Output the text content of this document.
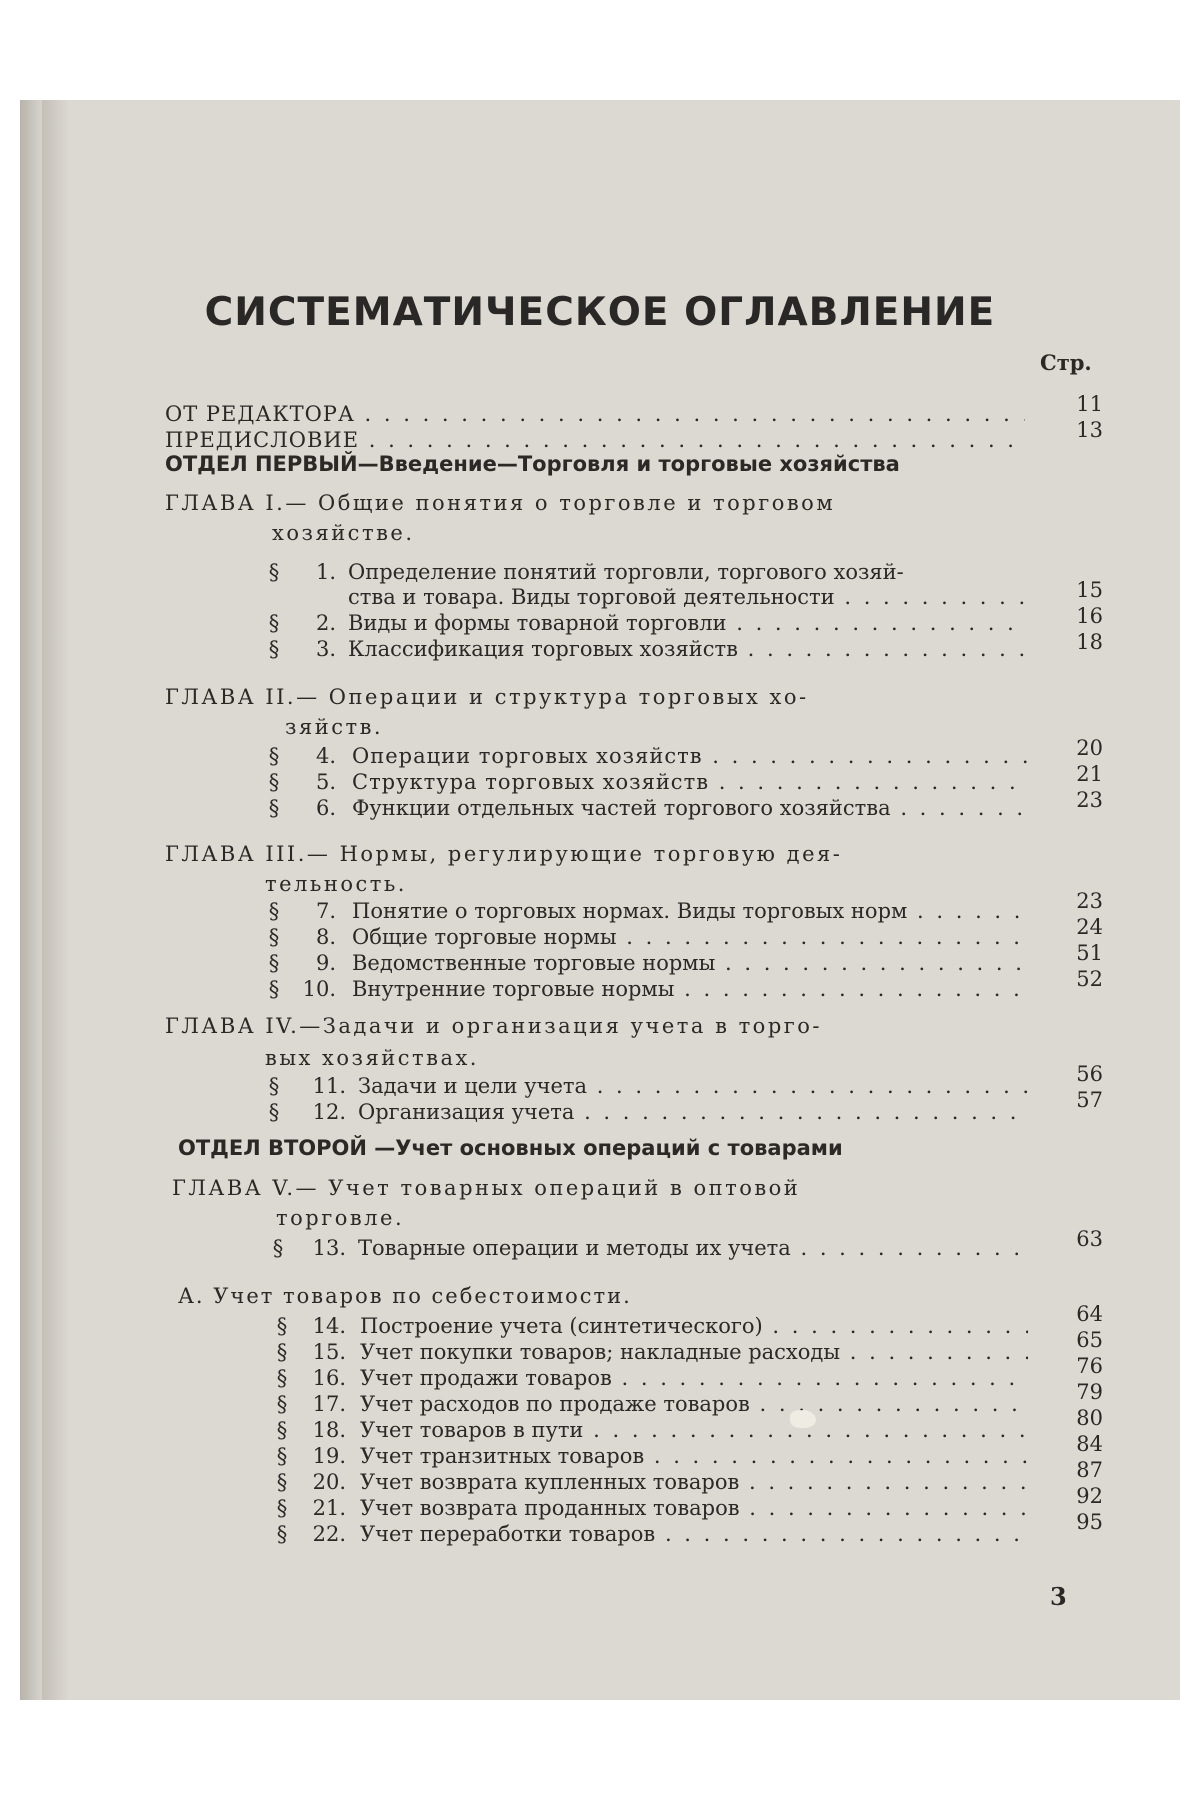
СИСТЕМАТИЧЕСКОЕ ОГЛАВЛЕНИЕ
Стр.
ОТ РЕДАКТОРА . . .	11
ПРЕДИСЛОВИЕ . . .	13
ОТДЕЛ ПЕРВЫЙ—Введение—Торговля и торговые хозяйства
ГЛАВА I.— Общие понятия о торговле и торговом
хозяйстве.
§	1. Определение понятий торговли, торгового хозяй-
ства и товара. Виды торговой деятельности . . .	15
§	2. Виды и формы товарной торговли . . .	16
§	3. Классификация торговых хозяйств . . .	18
ГЛАВА II.— Операции и структура торговых хо-
зяйств.
§	4. Операции торговых хозяйств . . .	20
§	5. Структура торговых хозяйств . . .	21
§	6. Функции отдельных частей торгового хозяйства . . .	23
ГЛАВА III.— Нормы, регулирующие торговую дея-
тельность.
§	7. Понятие о торговых нормах. Виды торговых норм . . .	23
§	8. Общие торговые нормы . . .	24
§	9. Ведомственные торговые нормы . . .	51
§	10. Внутренние торговые нормы . . .	52
ГЛАВА IV.—Задачи и организация учета в торго-
вых хозяйствах.
§	11. Задачи и цели учета . . .	56
§	12. Организация учета . . .	57
ОТДЕЛ ВТОРОЙ —Учет основных операций с товарами
ГЛАВА V.— Учет товарных операций в оптовой
торговле.
§	13. Товарные операции и методы их учета . . .	63
А. Учет товаров по себестоимости.
§	14. Построение учета (синтетического) . . .	64
§	15. Учет покупки товаров; накладные расходы . . .	65
§	16. Учет продажи товаров . . .	76
§	17. Учет расходов по продаже товаров . . .	79
§	18. Учет товаров в пути . . .	80
§	19. Учет транзитных товаров . . .	84
§	20. Учет возврата купленных товаров . . .	87
§	21. Учет возврата проданных товаров . . .	92
§	22. Учет переработки товаров . . .	95
3
